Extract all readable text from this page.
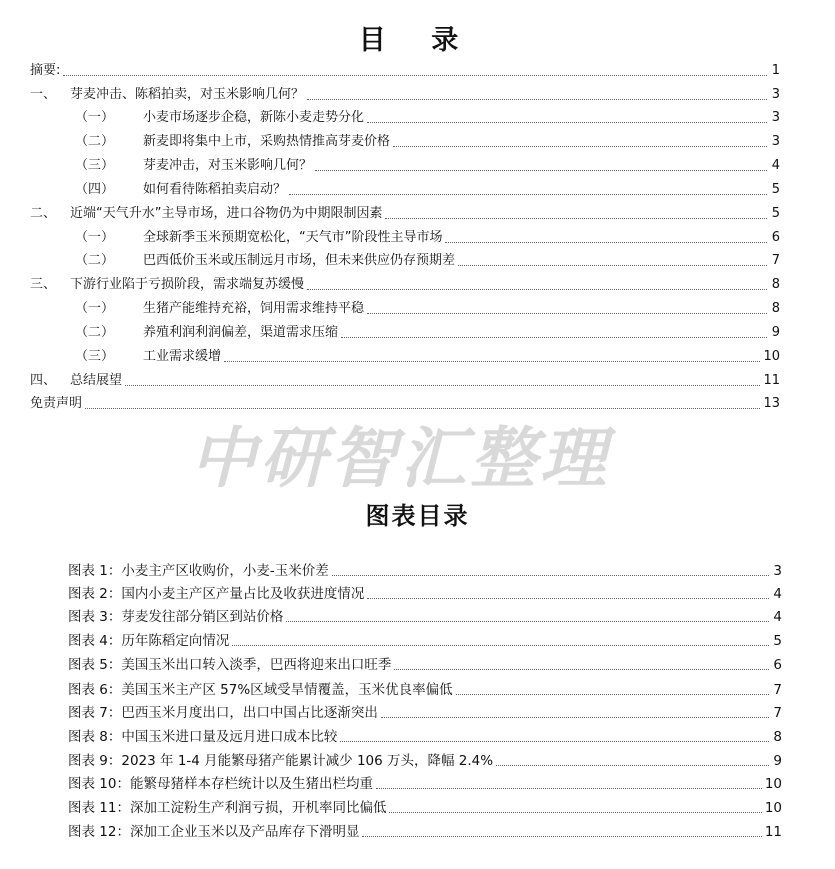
目 录
摘要:	1
一、	芽麦冲击、陈稻拍卖，对玉米影响几何？	3
（一） 小麦市场逐步企稳，新陈小麦走势分化	3
（二） 新麦即将集中上市，采购热情推高芽麦价格	3
（三） 芽麦冲击，对玉米影响几何？	4
（四） 如何看待陈稻拍卖启动？	5
二、	近端“天气升水”主导市场，进口谷物仍为中期限制因素	5
（一） 全球新季玉米预期宽松化，“天气市”阶段性主导市场	6
（二） 巴西低价玉米或压制远月市场，但未来供应仍存预期差	7
三、	下游行业陷于亏损阶段，需求端复苏缓慢	8
（一） 生猪产能维持充裕，饲用需求维持平稳	8
（二） 养殖利润利润偏差，渠道需求压缩	9
（三） 工业需求缓增	10
四、	总结展望	11
免责声明	13
中研智汇整理
图表目录
图表 1：小麦主产区收购价，小麦-玉米价差	3
图表 2：国内小麦主产区产量占比及收获进度情况	4
图表 3：芽麦发往部分销区到站价格	4
图表 4：历年陈稻定向情况	5
图表 5：美国玉米出口转入淡季，巴西将迎来出口旺季	6
图表 6：美国玉米主产区 57%区域受旱情覆盖，玉米优良率偏低	7
图表 7：巴西玉米月度出口，出口中国占比逐渐突出	7
图表 8：中国玉米进口量及远月进口成本比较	8
图表 9：2023 年 1-4 月能繁母猪产能累计减少 106 万头，降幅 2.4%	9
图表 10：能繁母猪样本存栏统计以及生猪出栏均重	10
图表 11：深加工淀粉生产利润亏损，开机率同比偏低	10
图表 12：深加工企业玉米以及产品库存下滑明显	11
